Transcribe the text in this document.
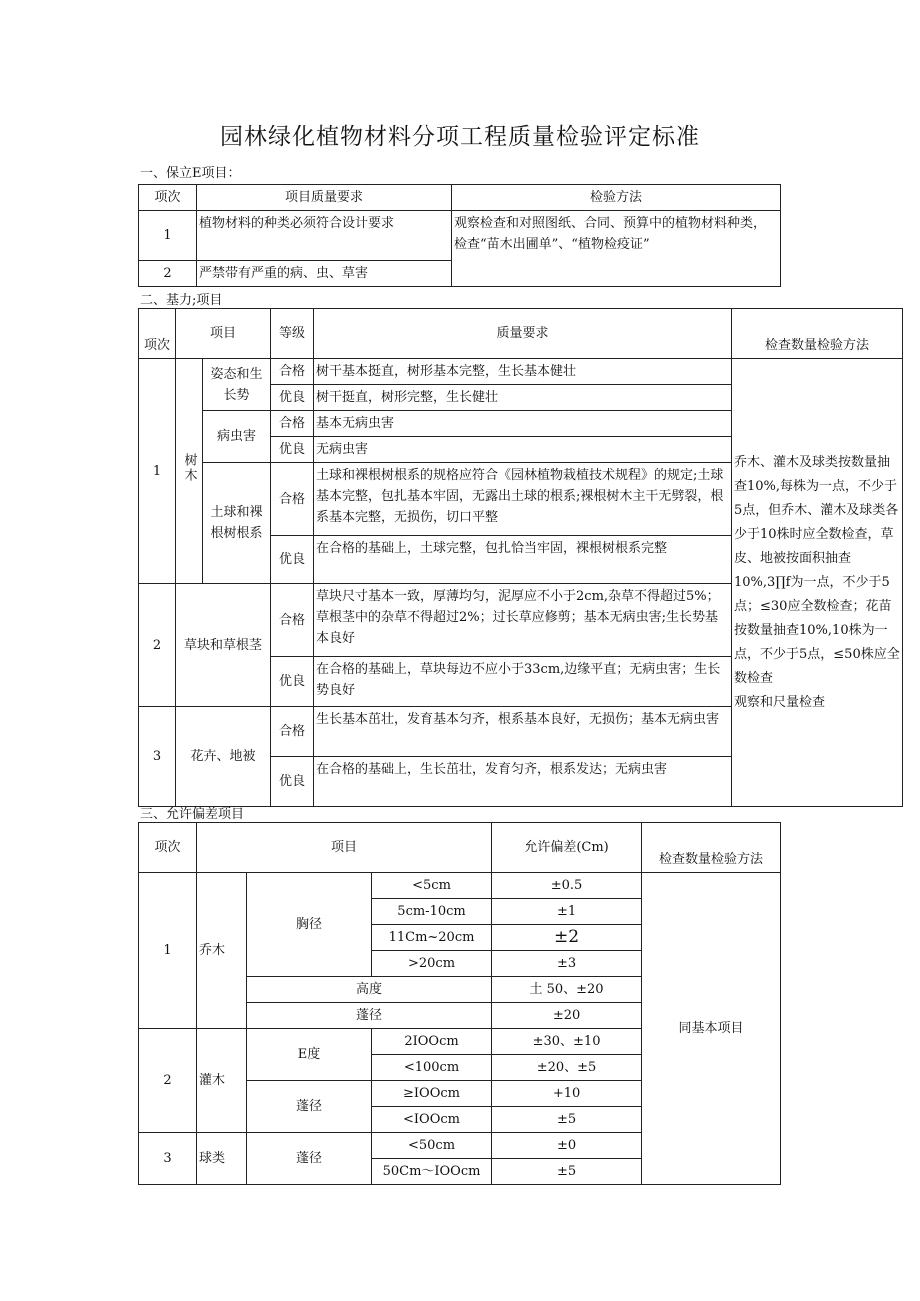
园林绿化植物材料分项工程质量检验评定标准
一、保立E项目：
项次	项目质量要求	检验方法
1	植物材料的种类必须符合设计要求	观察检查和对照图纸、合同、预算中的植物材料种类，检查“苗木出圃单”、“植物检疫证”
2	严禁带有严重的病、虫、草害	
二、基力;项目
项次	项目		等级	质量要求	检查数量检验方法
1	树木	姿态和生长势	合格	树干基本挺直，树形基本完整，生长基本健壮	乔木、灌木及球类按数量抽查10%,每株为一点，不少于5点，但乔木、灌木及球类各少于10株时应全数检查，草皮、地被按面积抽查10%,3∏f为一点，不少于5点；≤30应全数检查；花苗按数量抽查10%,10株为一点，不少于5点，≤50株应全数检查
观察和尺量检查
			优良	树干挺直，树形完整，生长健壮	
		病虫害	合格	基本无病虫害	
			优良	无病虫害	
		土球和裸根树根系	合格	土球和裸根树根系的规格应符合《园林植物栽植技术规程》的规定;土球基本完整，包扎基本牢固，无露出土球的根系;裸根树木主干无劈裂，根系基本完整，无损伤，切口平整	
			优良	在合格的基础上，土球完整，包扎恰当牢固，裸根树根系完整	
2	草块和草根茎		合格	草块尺寸基本一致，厚薄均匀，泥厚应不小于2cm,杂草不得超过5%；草根茎中的杂草不得超过2%；过长草应修剪；基本无病虫害;生长势基本良好	
			优良	在合格的基础上，草块每边不应小于33cm,边缘平直；无病虫害；生长势良好	
3	花卉、地被		合格	生长基本茁壮，发育基本匀齐，根系基本良好，无损伤；基本无病虫害	
			优良	在合格的基础上，生长茁壮，发育匀齐，根系发达；无病虫害	
三、允许偏差项目
项次	项目			允许偏差(Cm)	检查数量检验方法
1	乔木	胸径	<5cm	±0.5	同基本项目
			5cm-10cm	±1	
			11Cm~20cm	±2	
			>20cm	±3	
		高度		土 50、±20	
		蓬径		±20	
2	灌木	E度	2IOOcm	±30、±10	
			<100cm	±20、±5	
		蓬径	≥IOOcm	+10	
			<IOOcm	±5	
3	球类	蓬径	<50cm	±0	
			50Cm～IOOcm	±5	
